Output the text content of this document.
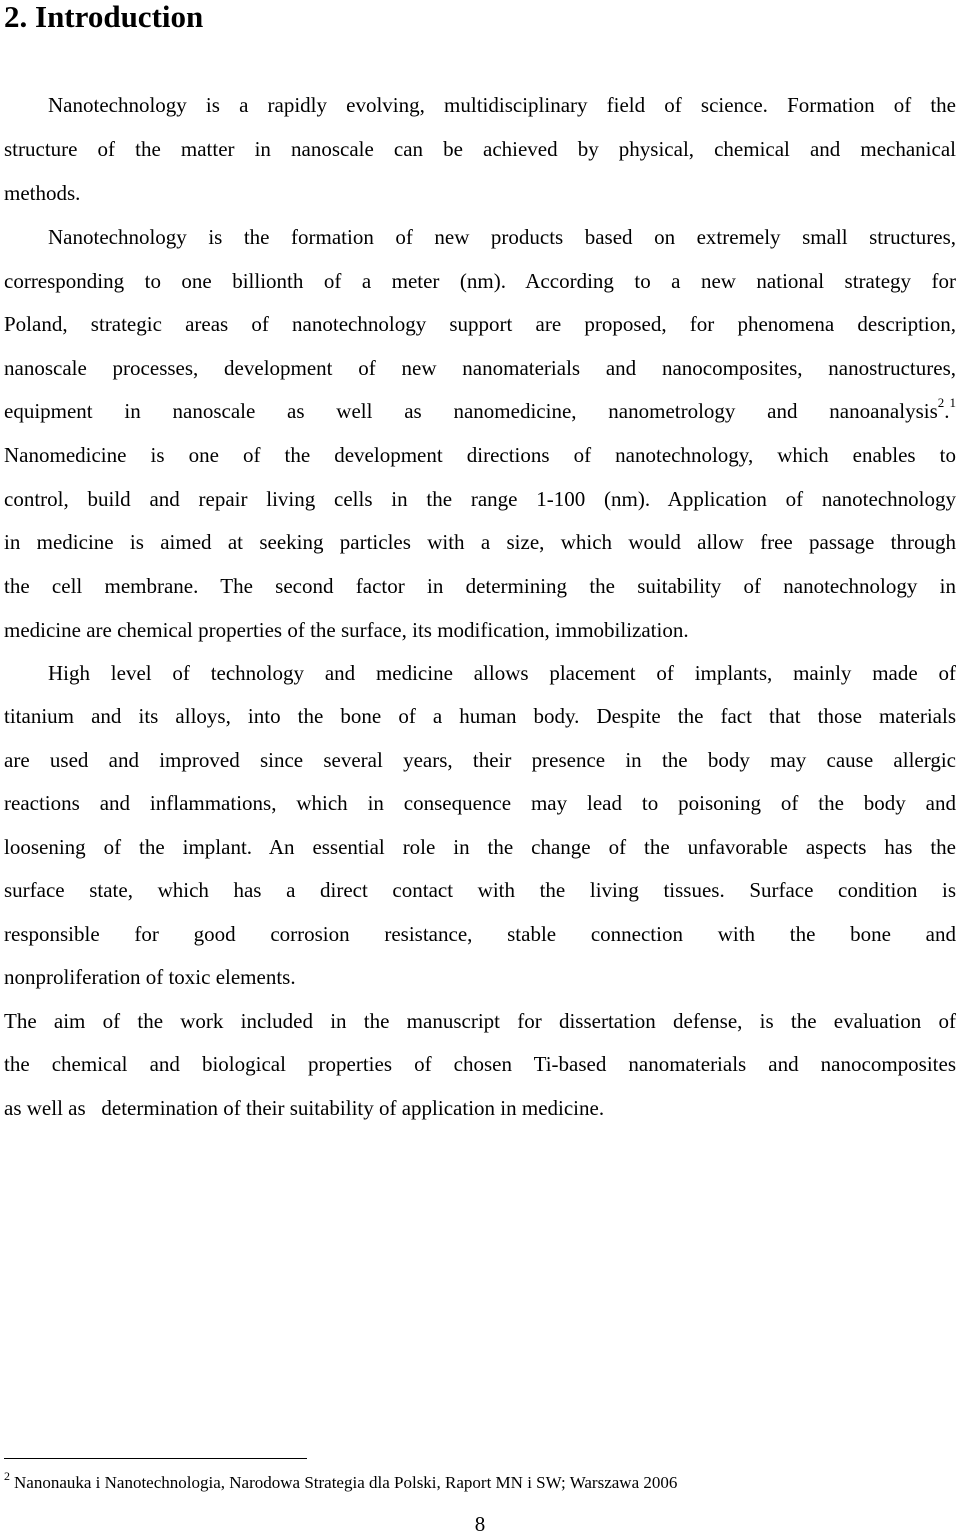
2. Introduction
Nanotechnology is a rapidly evolving, multidisciplinary field of science. Formation of the
structure of the matter in nanoscale can be achieved by physical, chemical and mechanical
methods.
Nanotechnology is the formation of new products based on extremely small structures,
corresponding to one billionth of a meter (nm). According to a new national strategy for
Poland, strategic areas of nanotechnology support are proposed, for phenomena description,
nanoscale processes, development of new nanomaterials and nanocomposites, nanostructures,
equipment in nanoscale as well as nanomedicine, nanometrology and nanoanalysis$^2$.$^1$
Nanomedicine is one of the development directions of nanotechnology, which enables to
control, build and repair living cells in the range 1-100 (nm). Application of nanotechnology
in medicine is aimed at seeking particles with a size, which would allow free passage through
the cell membrane. The second factor in determining the suitability of nanotechnology in
medicine are chemical properties of the surface, its modification, immobilization.
High level of technology and medicine allows placement of implants, mainly made of
titanium and its alloys, into the bone of a human body. Despite the fact that those materials
are used and improved since several years, their presence in the body may cause allergic
reactions and inflammations, which in consequence may lead to poisoning of the body and
loosening of the implant. An essential role in the change of the unfavorable aspects has the
surface state, which has a direct contact with the living tissues. Surface condition is
responsible for good corrosion resistance, stable connection with the bone and
nonproliferation of toxic elements.
The aim of the work included in the manuscript for dissertation defense, is the evaluation of
the chemical and biological properties of chosen Ti-based nanomaterials and nanocomposites
as well as   determination of their suitability of application in medicine.
$^2$ Nanonauka i Nanotechnologia, Narodowa Strategia dla Polski, Raport MN i SW; Warszawa 2006
8
